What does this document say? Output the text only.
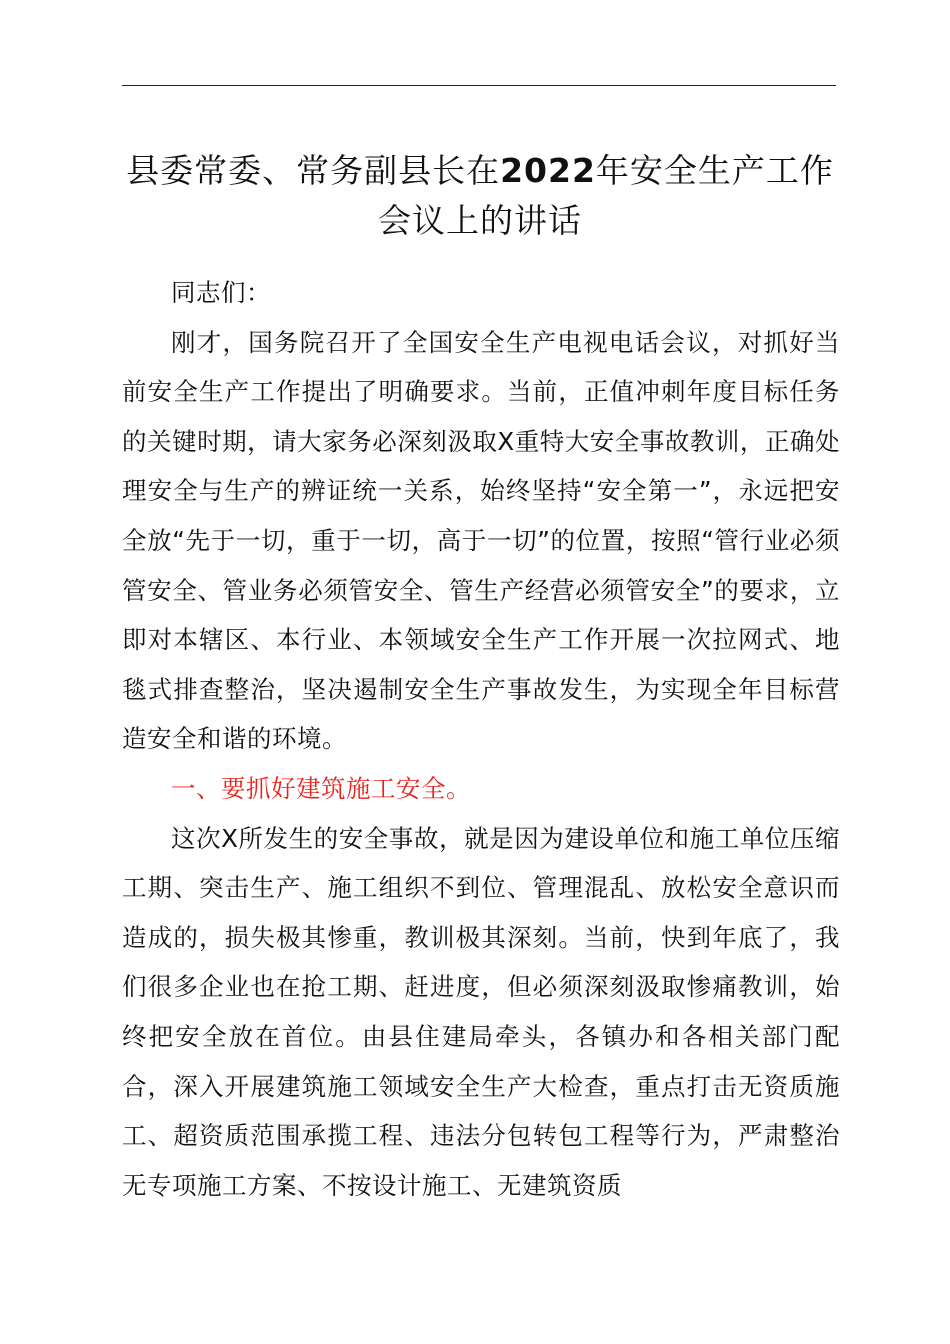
县委常委、常务副县长在2022年安全生产工作会议上的讲话

同志们：

刚才，国务院召开了全国安全生产电视电话会议，对抓好当前安全生产工作提出了明确要求。当前，正值冲刺年度目标任务的关键时期，请大家务必深刻汲取X重特大安全事故教训，正确处理安全与生产的辨证统一关系，始终坚持“安全第一”，永远把安全放“先于一切，重于一切，高于一切”的位置，按照“管行业必须管安全、管业务必须管安全、管生产经营必须管安全”的要求，立即对本辖区、本行业、本领域安全生产工作开展一次拉网式、地毯式排查整治，坚决遏制安全生产事故发生，为实现全年目标营造安全和谐的环境。

一、要抓好建筑施工安全。

这次X所发生的安全事故，就是因为建设单位和施工单位压缩工期、突击生产、施工组织不到位、管理混乱、放松安全意识而造成的，损失极其惨重，教训极其深刻。当前，快到年底了，我们很多企业也在抢工期、赶进度，但必须深刻汲取惨痛教训，始终把安全放在首位。由县住建局牵头，各镇办和各相关部门配合，深入开展建筑施工领域安全生产大检查，重点打击无资质施工、超资质范围承揽工程、违法分包转包工程等行为，严肃整治无专项施工方案、不按设计施工、无建筑资质
